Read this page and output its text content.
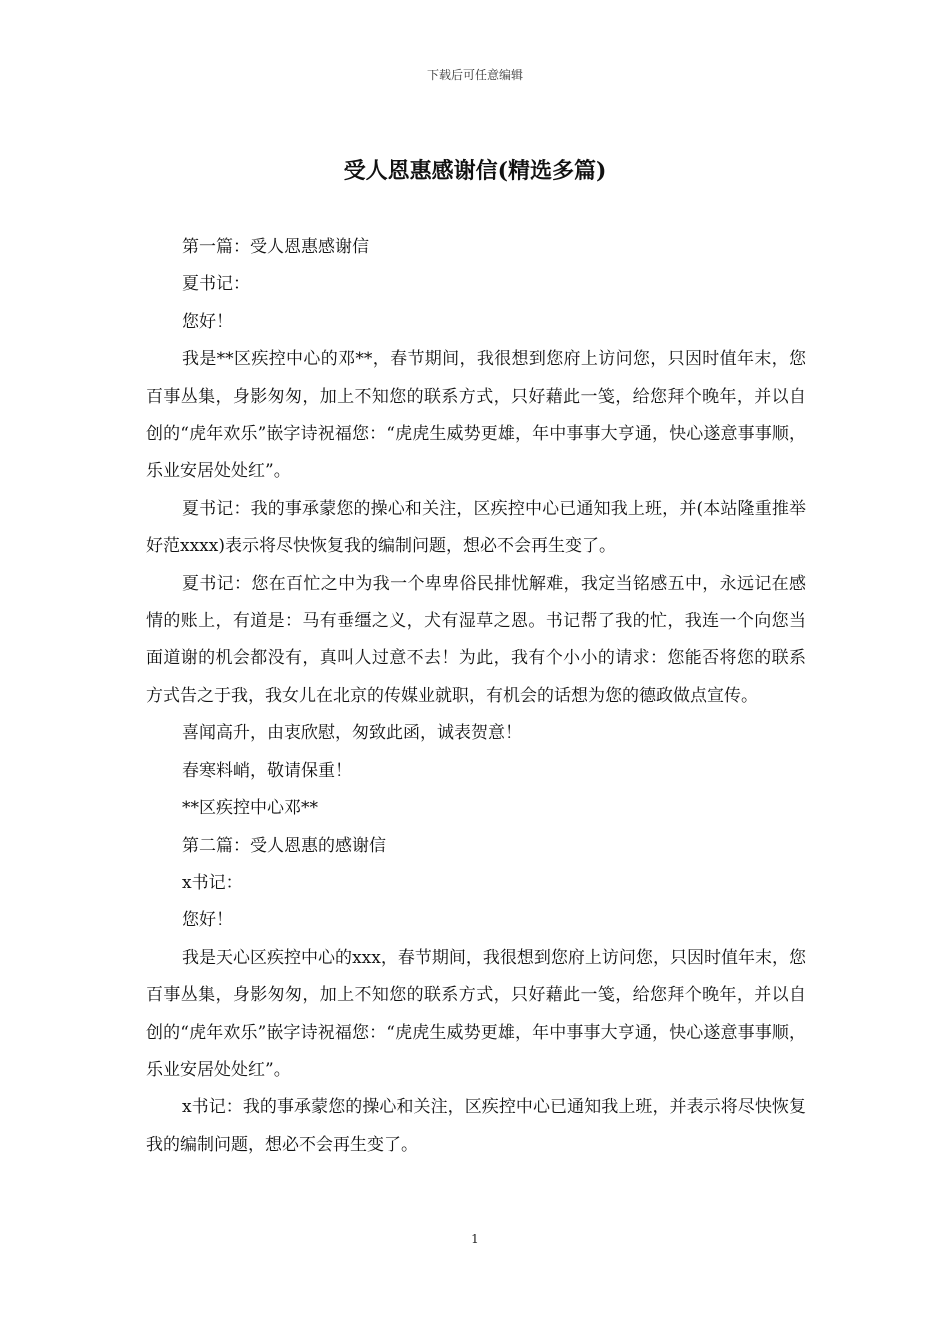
下载后可任意编辑
受人恩惠感谢信(精选多篇)

第一篇：受人恩惠感谢信

夏书记：

您好！

我是**区疾控中心的邓**，春节期间，我很想到您府上访问您，只因时值年末，您百事丛集，身影匆匆，加上不知您的联系方式，只好藉此一笺，给您拜个晚年，并以自创的“虎年欢乐”嵌字诗祝福您：“虎虎生威势更雄，年中事事大亨通，快心遂意事事顺，乐业安居处处红”。

夏书记：我的事承蒙您的操心和关注，区疾控中心已通知我上班，并(本站隆重推举好范xxxx)表示将尽快恢复我的编制问题，想必不会再生变了。

夏书记：您在百忙之中为我一个卑卑俗民排忧解难，我定当铭感五中，永远记在感情的账上，有道是：马有垂缰之义，犬有湿草之恩。书记帮了我的忙，我连一个向您当面道谢的机会都没有，真叫人过意不去！为此，我有个小小的请求：您能否将您的联系方式告之于我，我女儿在北京的传媒业就职，有机会的话想为您的德政做点宣传。

喜闻高升，由衷欣慰，匆致此函，诚表贺意！

春寒料峭，敬请保重！

**区疾控中心邓**

第二篇：受人恩惠的感谢信

x书记：

您好！

我是天心区疾控中心的xxx，春节期间，我很想到您府上访问您，只因时值年末，您百事丛集，身影匆匆，加上不知您的联系方式，只好藉此一笺，给您拜个晚年，并以自创的“虎年欢乐”嵌字诗祝福您：“虎虎生威势更雄，年中事事大亨通，快心遂意事事顺，乐业安居处处红”。

x书记：我的事承蒙您的操心和关注，区疾控中心已通知我上班，并表示将尽快恢复我的编制问题，想必不会再生变了。

1
